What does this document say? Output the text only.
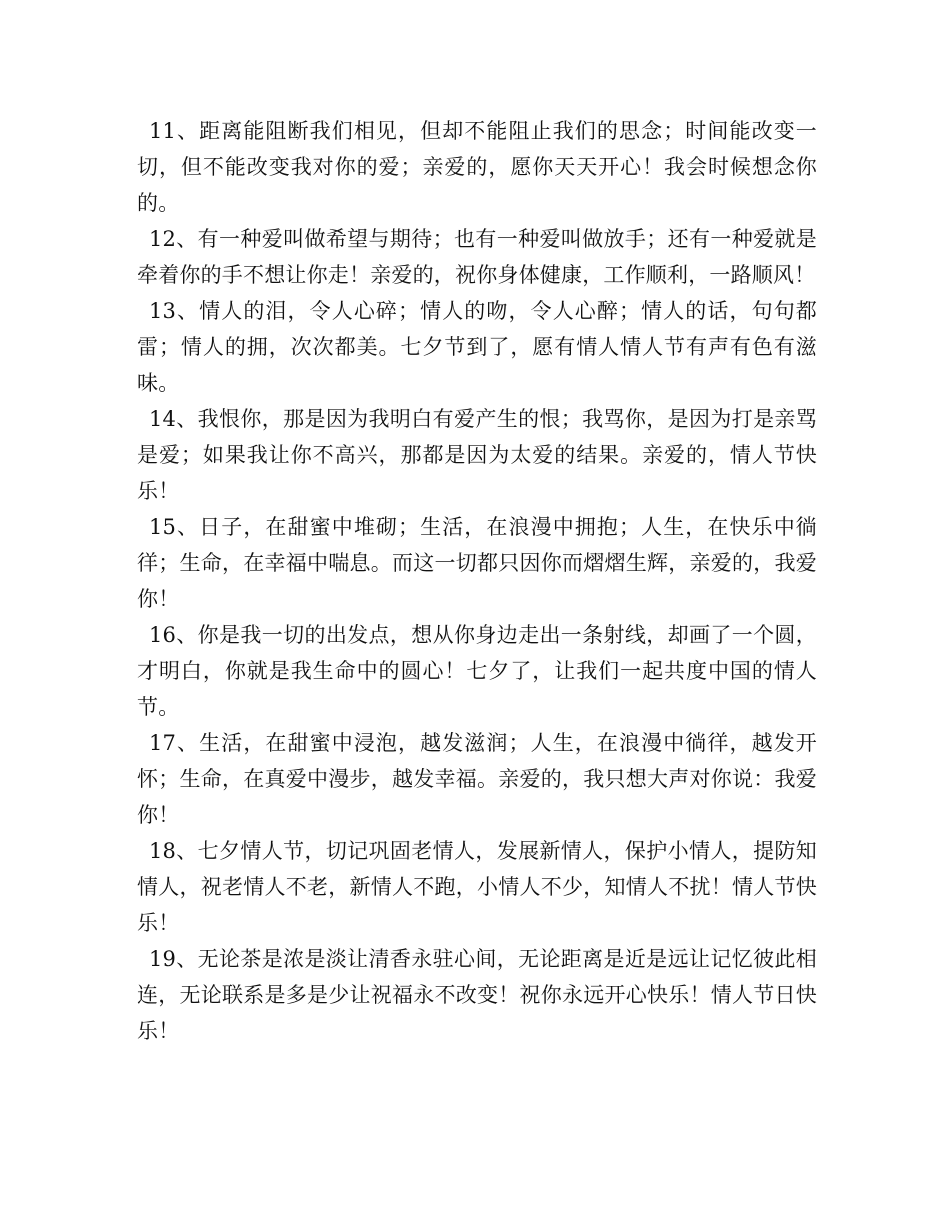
11、距离能阻断我们相见，但却不能阻止我们的思念；时间能改变一切，但不能改变我对你的爱；亲爱的，愿你天天开心！我会时候想念你的。

12、有一种爱叫做希望与期待；也有一种爱叫做放手；还有一种爱就是牵着你的手不想让你走！亲爱的，祝你身体健康，工作顺利，一路顺风！

13、情人的泪，令人心碎；情人的吻，令人心醉；情人的话，句句都雷；情人的拥，次次都美。七夕节到了，愿有情人情人节有声有色有滋味。

14、我恨你，那是因为我明白有爱产生的恨；我骂你，是因为打是亲骂是爱；如果我让你不高兴，那都是因为太爱的结果。亲爱的，情人节快乐！

15、日子，在甜蜜中堆砌；生活，在浪漫中拥抱；人生，在快乐中徜徉；生命，在幸福中喘息。而这一切都只因你而熠熠生辉，亲爱的，我爱你！

16、你是我一切的出发点，想从你身边走出一条射线，却画了一个圆，才明白，你就是我生命中的圆心！七夕了，让我们一起共度中国的情人节。

17、生活，在甜蜜中浸泡，越发滋润；人生，在浪漫中徜徉，越发开怀；生命，在真爱中漫步，越发幸福。亲爱的，我只想大声对你说：我爱你！

18、七夕情人节，切记巩固老情人，发展新情人，保护小情人，提防知情人，祝老情人不老，新情人不跑，小情人不少，知情人不扰！情人节快乐！

19、无论茶是浓是淡让清香永驻心间，无论距离是近是远让记忆彼此相连，无论联系是多是少让祝福永不改变！祝你永远开心快乐！情人节日快乐！
